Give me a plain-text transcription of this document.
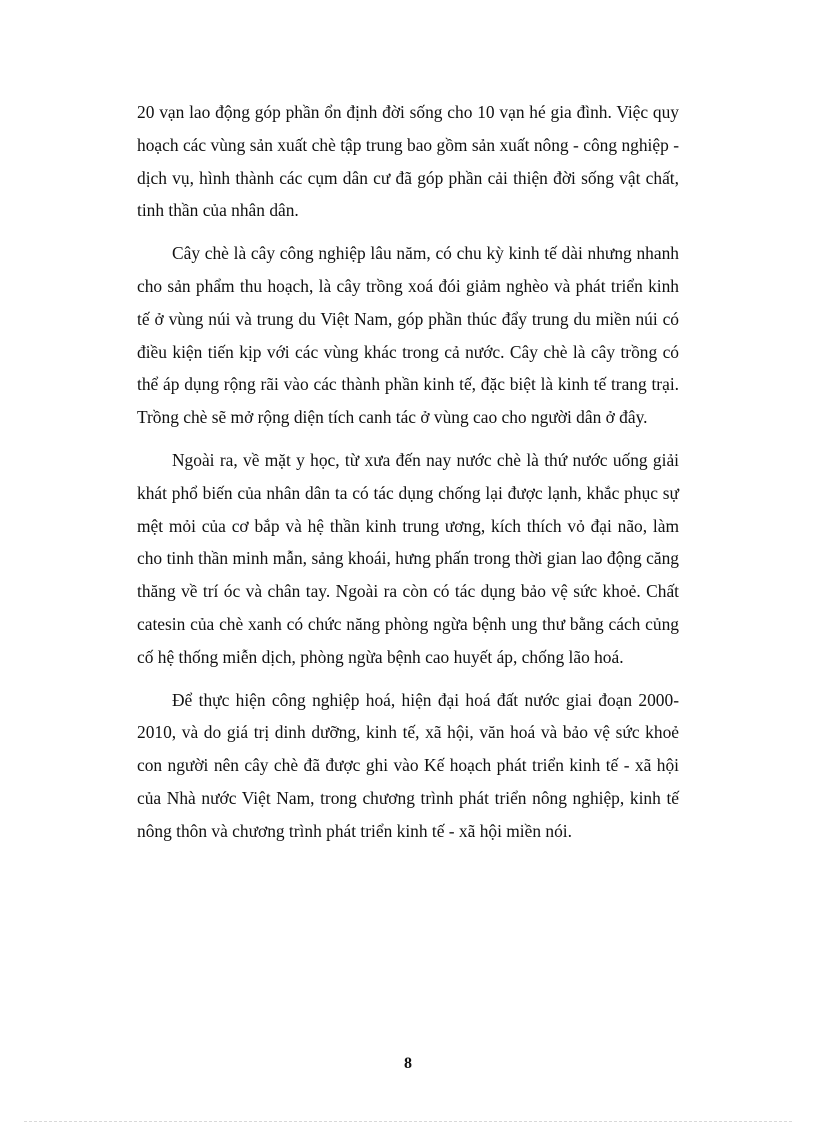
20 vạn lao động góp phần ổn định đời sống cho 10 vạn hé gia đình. Việc quy hoạch các vùng sản xuất chè tập trung bao gồm sản xuất nông - công nghiệp - dịch vụ, hình thành các cụm dân cư đã góp phần cải thiện đời sống vật chất, tinh thần của nhân dân.

Cây chè là cây công nghiệp lâu năm, có chu kỳ kinh tế dài nhưng nhanh cho sản phẩm thu hoạch, là cây trồng xoá đói giảm nghèo và phát triển kinh tế ở vùng núi và trung du Việt Nam, góp phần thúc đẩy trung du miền núi có điều kiện tiến kịp với các vùng khác trong cả nước. Cây chè là cây trồng có thể áp dụng rộng rãi vào các thành phần kinh tế, đặc biệt là kinh tế trang trại. Trồng chè sẽ mở rộng diện tích canh tác ở vùng cao cho người dân ở đây.

Ngoài ra, về mặt y học, từ xưa đến nay nước chè là thứ nước uống giải khát phổ biến của nhân dân ta có tác dụng chống lại được lạnh, khắc phục sự mệt mỏi của cơ bắp và hệ thần kinh trung ương, kích thích vỏ đại não, làm cho tinh thần minh mẫn, sảng khoái, hưng phấn trong thời gian lao động căng thăng về trí óc và chân tay. Ngoài ra còn có tác dụng bảo vệ sức khoẻ. Chất catesin của chè xanh có chức năng phòng ngừa bệnh ung thư bằng cách củng cố hệ thống miễn dịch, phòng ngừa bệnh cao huyết áp, chống lão hoá.

Để thực hiện công nghiệp hoá, hiện đại hoá đất nước giai đoạn 2000-2010, và do giá trị dinh dưỡng, kinh tế, xã hội, văn hoá và bảo vệ sức khoẻ con người nên cây chè đã được ghi vào Kế hoạch phát triển kinh tế - xã hội của Nhà nước Việt Nam, trong chương trình phát triển nông nghiệp, kinh tế nông thôn và chương trình phát triển kinh tế - xã hội miền nói.

8
